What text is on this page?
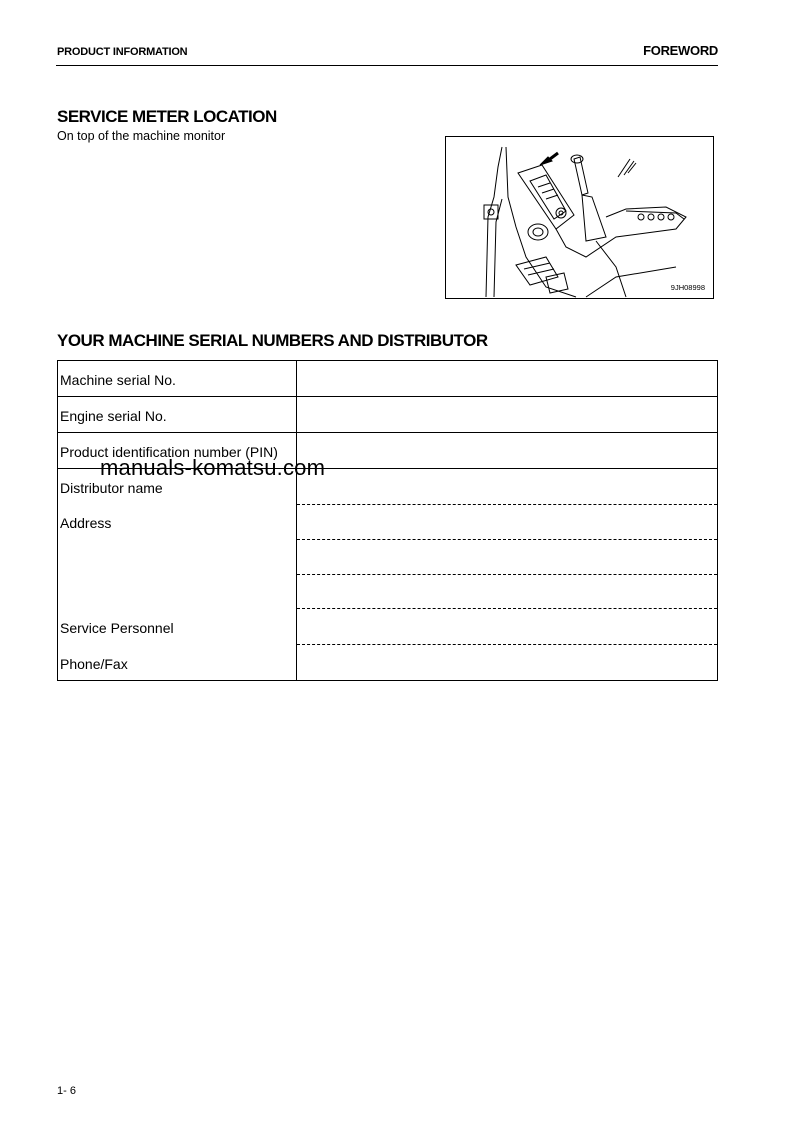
PRODUCT INFORMATION	FOREWORD
SERVICE METER LOCATION
On top of the machine monitor
9JH08998
YOUR MACHINE SERIAL NUMBERS AND DISTRIBUTOR
Machine serial No.
Engine serial No.
Product identification number (PIN)
Distributor name
Address
Service Personnel
Phone/Fax
manuals-komatsu.com
1- 6
